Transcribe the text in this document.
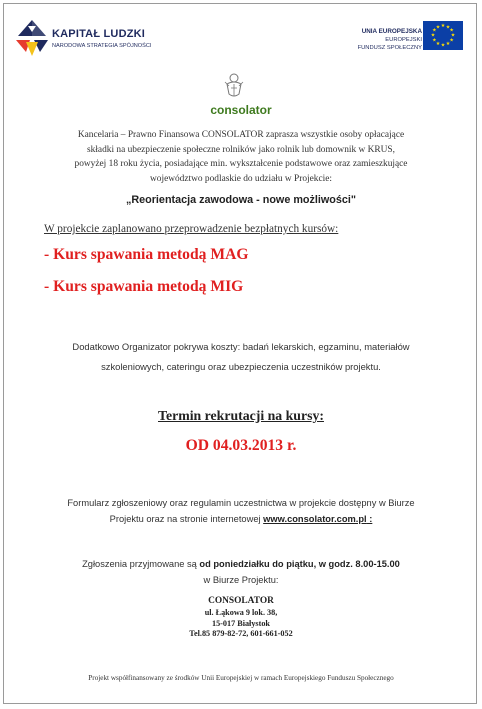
KAPITAŁ LUDZKI
NARODOWA STRATEGIA SPÓJNOŚCI
UNIA EUROPEJSKA
EUROPEJSKI
FUNDUSZ SPOŁECZNY
★ ★
★
★
★
★
★
★
★
★
★
★
consolator
Kancelaria – Prawno Finansowa CONSOLATOR zaprasza wszystkie osoby opłacające
składki na ubezpieczenie społeczne rolników jako rolnik lub domownik w KRUS,
powyżej 18 roku życia, posiadające min. wykształcenie podstawowe oraz zamieszkujące
województwo podlaskie do udziału w Projekcie:
„Reorientacja zawodowa - nowe możliwości"
W projekcie zaplanowano przeprowadzenie bezpłatnych kursów:
- Kurs spawania metodą MAG
- Kurs spawania metodą MIG
Dodatkowo Organizator pokrywa koszty: badań lekarskich, egzaminu, materiałów
szkoleniowych, cateringu oraz ubezpieczenia uczestników projektu.
Termin rekrutacji na kursy:
OD 04.03.2013 r.
Formularz zgłoszeniowy oraz regulamin uczestnictwa w projekcie dostępny w Biurze
Projektu oraz na stronie internetowej www.consolator.com.pl :
Zgłoszenia przyjmowane są od poniedziałku do piątku, w godz. 8.00-15.00
w Biurze Projektu:
CONSOLATOR
ul. Łąkowa 9 lok. 38,
15-017 Białystok
Tel.85 879-82-72, 601-661-052
Projekt współfinansowany ze środków Unii Europejskiej w ramach Europejskiego Funduszu Społecznego
